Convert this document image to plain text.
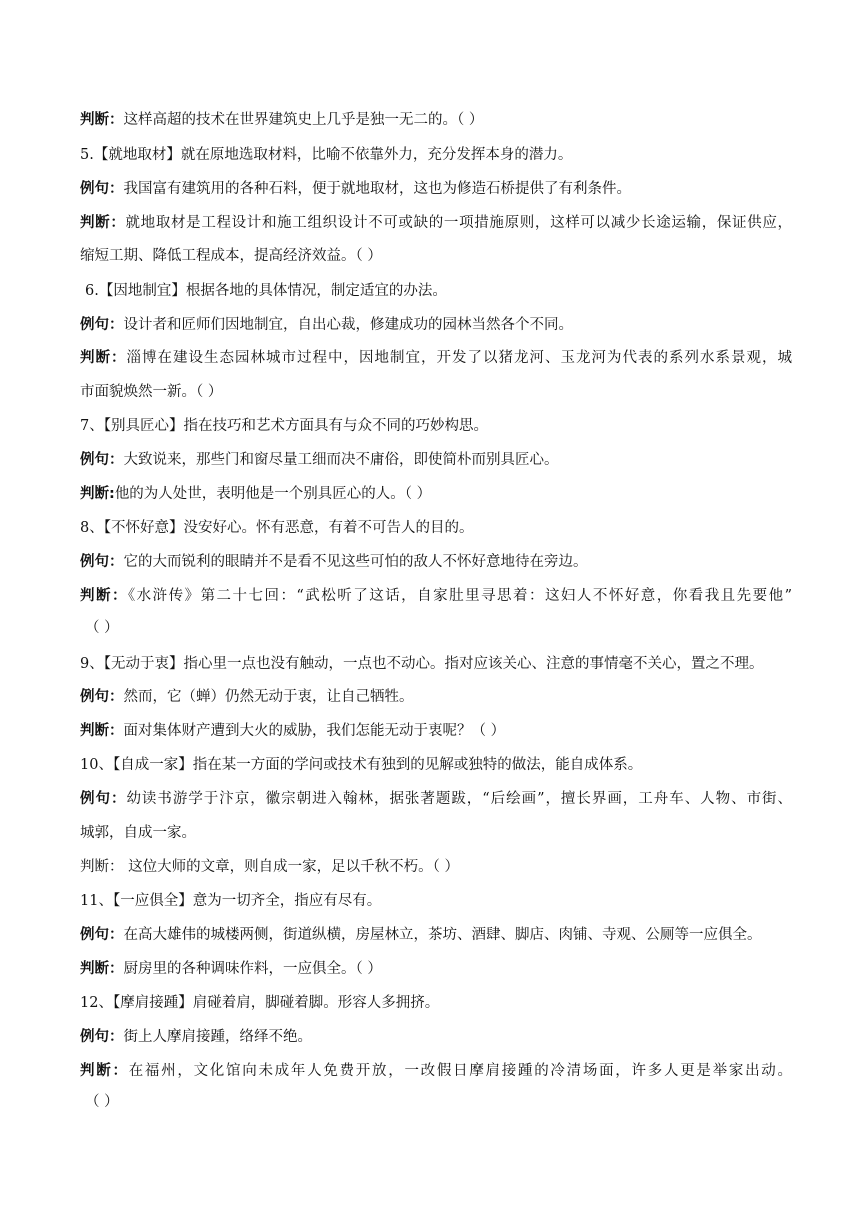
判断：这样高超的技术在世界建筑史上几乎是独一无二的。（ ）
5.【就地取材】就在原地选取材料，比喻不依靠外力，充分发挥本身的潜力。
例句：我国富有建筑用的各种石料，便于就地取材，这也为修造石桥提供了有利条件。
判断：就地取材是工程设计和施工组织设计不可或缺的一项措施原则，这样可以减少长途运输，保证供应，
缩短工期、降低工程成本，提高经济效益。（ ）
6.【因地制宜】根据各地的具体情况，制定适宜的办法。
例句：设计者和匠师们因地制宜，自出心裁，修建成功的园林当然各个不同。
判断：淄博在建设生态园林城市过程中，因地制宜，开发了以猪龙河、玉龙河为代表的系列水系景观，城
市面貌焕然一新。（ ）
7、【别具匠心】指在技巧和艺术方面具有与众不同的巧妙构思。
例句：大致说来，那些门和窗尽量工细而决不庸俗，即使简朴而别具匠心。
判断:他的为人处世，表明他是一个别具匠心的人。（ ）
8、【不怀好意】没安好心。怀有恶意，有着不可告人的目的。
例句：它的大而锐利的眼睛并不是看不见这些可怕的敌人不怀好意地待在旁边。
判断：《水浒传》第二十七回：“武松听了这话，自家肚里寻思着：这妇人不怀好意，你看我且先要他”
（ ）
9、【无动于衷】指心里一点也没有触动，一点也不动心。指对应该关心、注意的事情毫不关心，置之不理。
例句：然而，它（蝉）仍然无动于衷，让自己牺牲。
判断：面对集体财产遭到大火的威胁，我们怎能无动于衷呢？（ ）
10、【自成一家】指在某一方面的学问或技术有独到的见解或独特的做法，能自成体系。
例句：幼读书游学于汴京，徽宗朝进入翰林，据张著题跋，“后绘画”，擅长界画，工舟车、人物、市街、
城郭，自成一家。
判断： 这位大师的文章，则自成一家，足以千秋不朽。（ ）
11、【一应俱全】意为一切齐全，指应有尽有。
例句：在高大雄伟的城楼两侧，街道纵横，房屋林立，茶坊、酒肆、脚店、肉铺、寺观、公厕等一应俱全。
判断：厨房里的各种调味作料，一应俱全。（ ）
12、【摩肩接踵】肩碰着肩，脚碰着脚。形容人多拥挤。
例句：街上人摩肩接踵，络绎不绝。
判断：在福州，文化馆向未成年人免费开放，一改假日摩肩接踵的冷清场面，许多人更是举家出动。
（ ）
